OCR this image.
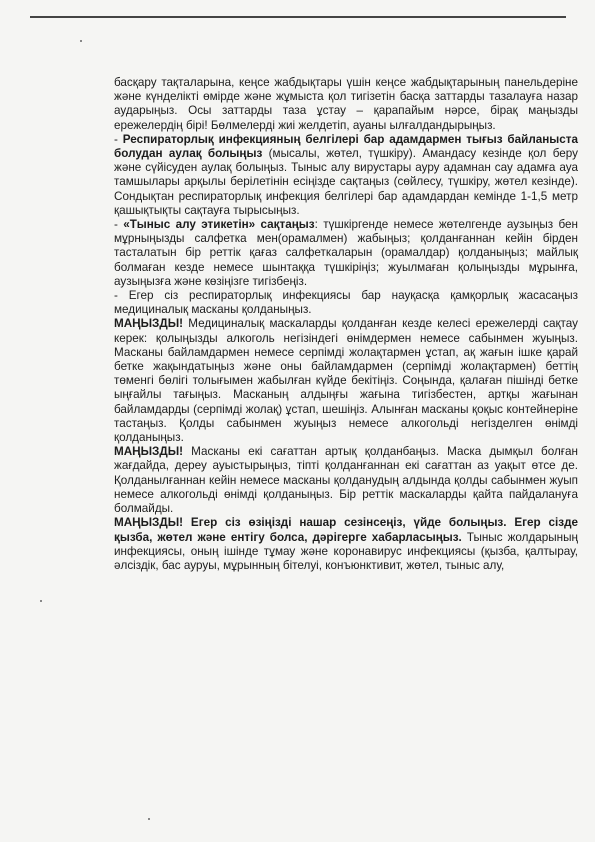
басқару тақталарына, кеңсе жабдықтары үшін кеңсе жабдықтарының панельдеріне және күнделікті өмірде және жұмыста қол тигізетін басқа заттарды тазалауға назар аударыңыз. Осы заттарды таза ұстау – қарапайым нәрсе, бірақ маңызды ережелердің бірі! Бөлмелерді жиі желдетіп, ауаны ылғалдандырыңыз.

- Респираторлық инфекцияның белгілері бар адамдармен тығыз байланыста болудан аулақ болыңыз (мысалы, жөтел, түшкіру). Амандасу кезінде қол беру және сүйісуден аулақ болыңыз. Тыныс алу вирустары ауру адамнан сау адамға ауа тамшылары арқылы берілетінін есіңізде сақтаңыз (сөйлесу, түшкіру, жөтел кезінде). Сондықтан респираторлық инфекция белгілері бар адамдардан кемінде 1-1,5 метр қашықтықты сақтауға тырысыңыз.

- «Тыныс алу этикетін» сақтаңыз: түшкіргенде немесе жөтелгенде аузыңыз бен мұрныңызды салфетка мен(орамалмен) жабыңыз; қолданғаннан кейін бірден тасталатын бір реттік қағаз салфеткаларын (орамалдар) қолданыңыз; майлық болмаған кезде немесе шынтаққа түшкіріңіз; жуылмаған қолыңызды мұрынға, аузыңызға және көзіңізге тигізбеңіз.

- Егер сіз респираторлық инфекциясы бар науқасқа қамқорлық жасасаңыз медициналық масканы қолданыңыз.

МАҢЫЗДЫ! Медициналық маскаларды қолданған кезде келесі ережелерді сақтау керек: қолыңызды алкоголь негізіндегі өнімдермен немесе сабынмен жуыңыз. Масканы байламдармен немесе серпімді жолақтармен ұстап, ақ жағын ішке қарай бетке жақындатыңыз және оны байламдармен (серпімді жолақтармен) беттің төменгі бөлігі толығымен жабылған күйде бекітіңіз. Соңында, қалаған пішінді бетке ыңғайлы тағыңыз. Масканың алдыңғы жағына тигізбестен, артқы жағынан байламдарды (серпімді жолақ) ұстап, шешіңіз. Алынған масканы қоқыс контейнеріне тастаңыз. Қолды сабынмен жуыңыз немесе алкогольді негізделген өнімді қолданыңыз.

МАҢЫЗДЫ! Масканы екі сағаттан артық қолданбаңыз. Маска дымқыл болған жағдайда, дереу ауыстырыңыз, тіпті қолданғаннан екі сағаттан аз уақыт өтсе де. Қолданылғаннан кейін немесе масканы қолданудың алдында қолды сабынмен жуып немесе алкогольді өнімді қолданыңыз. Бір реттік маскаларды қайта пайдалануға болмайды.

МАҢЫЗДЫ! Егер сіз өзіңізді нашар сезінсеңіз, үйде болыңыз. Егер сізде қызба, жөтел және ентігу болса, дәрігерге хабарласыңыз. Тыныс жолдарының инфекциясы, оның ішінде тұмау және коронавирус инфекциясы (қызба, қалтырау, әлсіздік, бас ауруы, мұрынның бітелуі, конъюнктивит, жөтел, тыныс алу,
